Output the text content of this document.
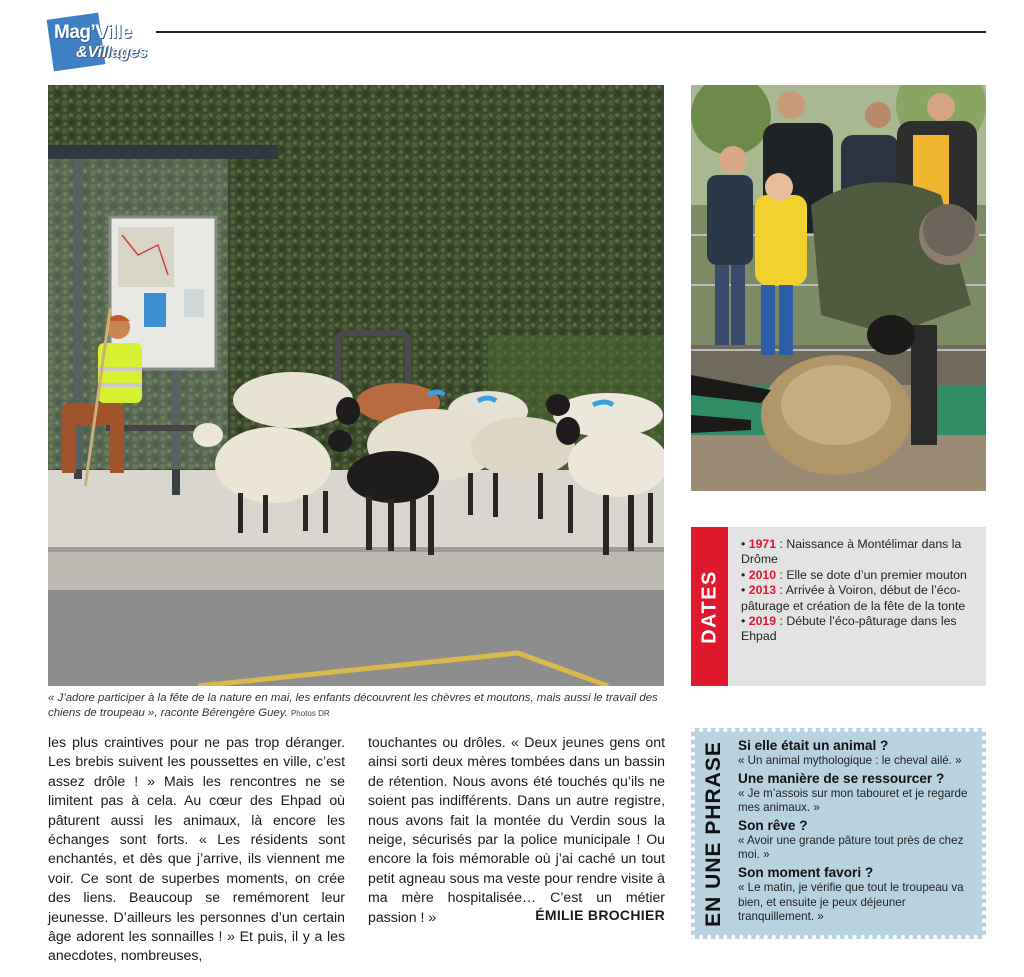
Mag’Ville
&Villages
« J’adore participer à la fête de la nature en mai, les enfants découvrent les chèvres et moutons, mais aussi le travail des chiens de troupeau », raconte Bérengère Guey. Photos DR
les plus craintives pour ne pas trop déranger. Les brebis suivent les poussettes en ville, c’est assez drôle ! » Mais les rencontres ne se limitent pas à cela. Au cœur des Ehpad où pâturent aussi les animaux, là encore les échanges sont forts. « Les résidents sont enchantés, et dès que j’arrive, ils viennent me voir. Ce sont de superbes moments, on crée des liens. Beaucoup se remémorent leur jeunesse. D’ailleurs les personnes d’un certain âge adorent les sonnailles ! » Et puis, il y a les anecdotes, nombreuses,
touchantes ou drôles. « Deux jeunes gens ont ainsi sorti deux mères tombées dans un bassin de rétention. Nous avons été touchés qu’ils ne soient pas indifférents. Dans un autre registre, nous avons fait la montée du Verdin sous la neige, sécurisés par la police municipale ! Ou encore la fois mémorable où j’ai caché un tout petit agneau sous ma veste pour rendre visite à ma mère hospitalisée… C’est un métier passion ! »	ÉMILIE BROCHIER
DATES
• 1971 : Naissance à Montélimar dans la Drôme
• 2010 : Elle se dote d’un premier mouton
• 2013 : Arrivée à Voiron, début de l’éco-pâturage et création de la fête de la tonte
• 2019 : Débute l’éco-pâturage dans les Ehpad
EN UNE PHRASE Si elle était un animal ?
« Un animal mythologique : le cheval ailé. »
Une manière de se ressourcer ?
« Je m’assois sur mon tabouret et je regarde mes animaux. »
Son rêve ?
« Avoir une grande pâture tout près de chez moi. »
Son moment favori ?
« Le matin, je vérifie que tout le troupeau va bien, et ensuite je peux déjeuner tranquillement. »
